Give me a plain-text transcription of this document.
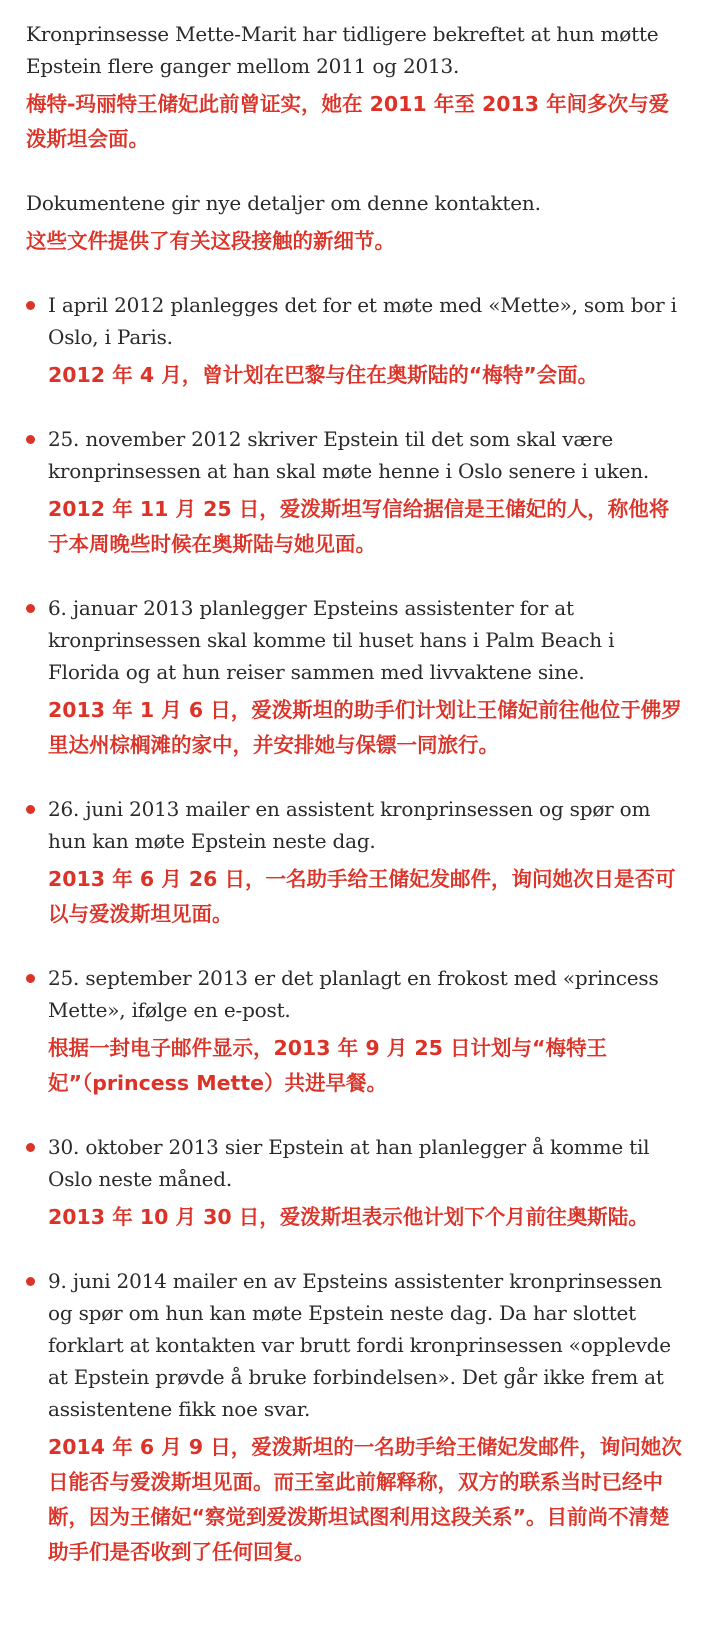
Kronprinsesse Mette-Marit har tidligere bekreftet at hun møtte Epstein flere ganger mellom 2011 og 2013.

梅特-玛丽特王储妃此前曾证实，她在 2011 年至 2013 年间多次与爱泼斯坦会面。

Dokumentene gir nye detaljer om denne kontakten.

这些文件提供了有关这段接触的新细节。

I april 2012 planlegges det for et møte med «Mette», som bor i Oslo, i Paris.

2012 年 4 月，曾计划在巴黎与住在奥斯陆的“梅特”会面。

25. november 2012 skriver Epstein til det som skal være kronprinsessen at han skal møte henne i Oslo senere i uken.

2012 年 11 月 25 日，爱泼斯坦写信给据信是王储妃的人，称他将于本周晚些时候在奥斯陆与她见面。

6. januar 2013 planlegger Epsteins assistenter for at kronprinsessen skal komme til huset hans i Palm Beach i Florida og at hun reiser sammen med livvaktene sine.

2013 年 1 月 6 日，爱泼斯坦的助手们计划让王储妃前往他位于佛罗里达州棕榈滩的家中，并安排她与保镖一同旅行。

26. juni 2013 mailer en assistent kronprinsessen og spør om hun kan møte Epstein neste dag.

2013 年 6 月 26 日，一名助手给王储妃发邮件，询问她次日是否可以与爱泼斯坦见面。

25. september 2013 er det planlagt en frokost med «princess Mette», ifølge en e-post.

根据一封电子邮件显示，2013 年 9 月 25 日计划与“梅特王妃”（princess Mette）共进早餐。

30. oktober 2013 sier Epstein at han planlegger å komme til Oslo neste måned.

2013 年 10 月 30 日，爱泼斯坦表示他计划下个月前往奥斯陆。

9. juni 2014 mailer en av Epsteins assistenter kronprinsessen og spør om hun kan møte Epstein neste dag. Da har slottet forklart at kontakten var brutt fordi kronprinsessen «opplevde at Epstein prøvde å bruke forbindelsen». Det går ikke frem at assistentene fikk noe svar.

2014 年 6 月 9 日，爱泼斯坦的一名助手给王储妃发邮件，询问她次日能否与爱泼斯坦见面。而王室此前解释称，双方的联系当时已经中断，因为王储妃“察觉到爱泼斯坦试图利用这段关系”。目前尚不清楚助手们是否收到了任何回复。
